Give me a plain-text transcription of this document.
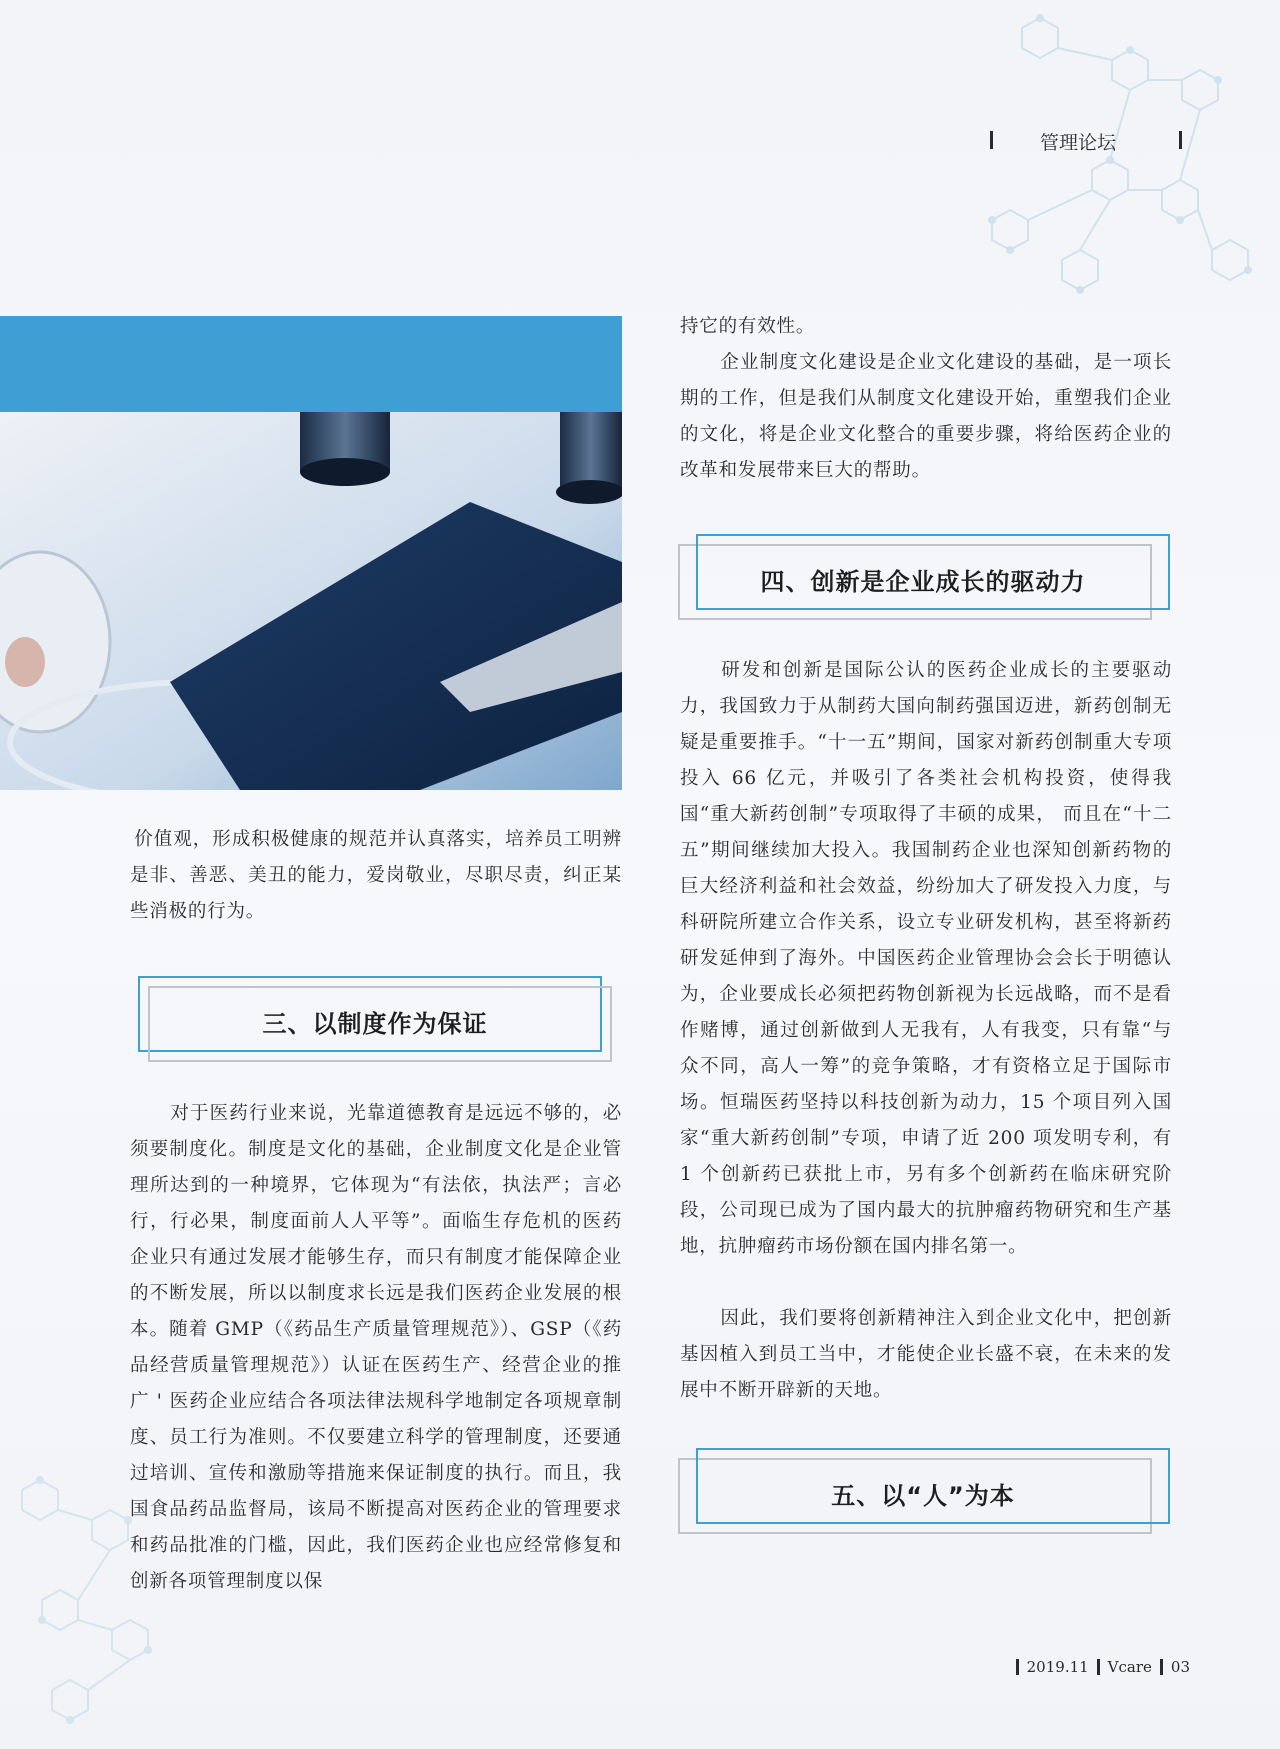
管理论坛

价值观，形成积极健康的规范并认真落实，培养员工明辨是非、善恶、美丑的能力，爱岗敬业，尽职尽责，纠正某些消极的行为。

三、以制度作为保证

对于医药行业来说，光靠道德教育是远远不够的，必须要制度化。制度是文化的基础，企业制度文化是企业管理所达到的一种境界，它体现为“有法依，执法严；言必行，行必果，制度面前人人平等”。面临生存危机的医药企业只有通过发展才能够生存，而只有制度才能保障企业的不断发展，所以以制度求长远是我们医药企业发展的根本。随着 GMP（《药品生产质量管理规范》）、GSP（《药品经营质量管理规范》）认证在医药生产、经营企业的推广 ' 医药企业应结合各项法律法规科学地制定各项规章制度、员工行为准则。不仅要建立科学的管理制度，还要通过培训、宣传和激励等措施来保证制度的执行。而且，我国食品药品监督局，该局不断提高对医药企业的管理要求和药品批准的门槛，因此，我们医药企业也应经常修复和创新各项管理制度以保

持它的有效性。

企业制度文化建设是企业文化建设的基础，是一项长期的工作，但是我们从制度文化建设开始，重塑我们企业的文化，将是企业文化整合的重要步骤，将给医药企业的改革和发展带来巨大的帮助。

四、创新是企业成长的驱动力

研发和创新是国际公认的医药企业成长的主要驱动力，我国致力于从制药大国向制药强国迈进，新药创制无疑是重要推手。“十一五”期间，国家对新药创制重大专项投入 66 亿元，并吸引了各类社会机构投资，使得我国“重大新药创制”专项取得了丰硕的成果， 而且在“十二五”期间继续加大投入。我国制药企业也深知创新药物的巨大经济利益和社会效益，纷纷加大了研发投入力度，与科研院所建立合作关系，设立专业研发机构，甚至将新药研发延伸到了海外。中国医药企业管理协会会长于明德认为，企业要成长必须把药物创新视为长远战略，而不是看作赌博，通过创新做到人无我有，人有我变，只有靠“与众不同，高人一筹”的竞争策略，才有资格立足于国际市场。恒瑞医药坚持以科技创新为动力，15 个项目列入国家“重大新药创制”专项，申请了近 200 项发明专利，有 1 个创新药已获批上市，另有多个创新药在临床研究阶段，公司现已成为了国内最大的抗肿瘤药物研究和生产基地，抗肿瘤药市场份额在国内排名第一。

因此，我们要将创新精神注入到企业文化中，把创新基因植入到员工当中，才能使企业长盛不衰，在未来的发展中不断开辟新的天地。

五、以“人”为本
2019.11 Vcare 03
